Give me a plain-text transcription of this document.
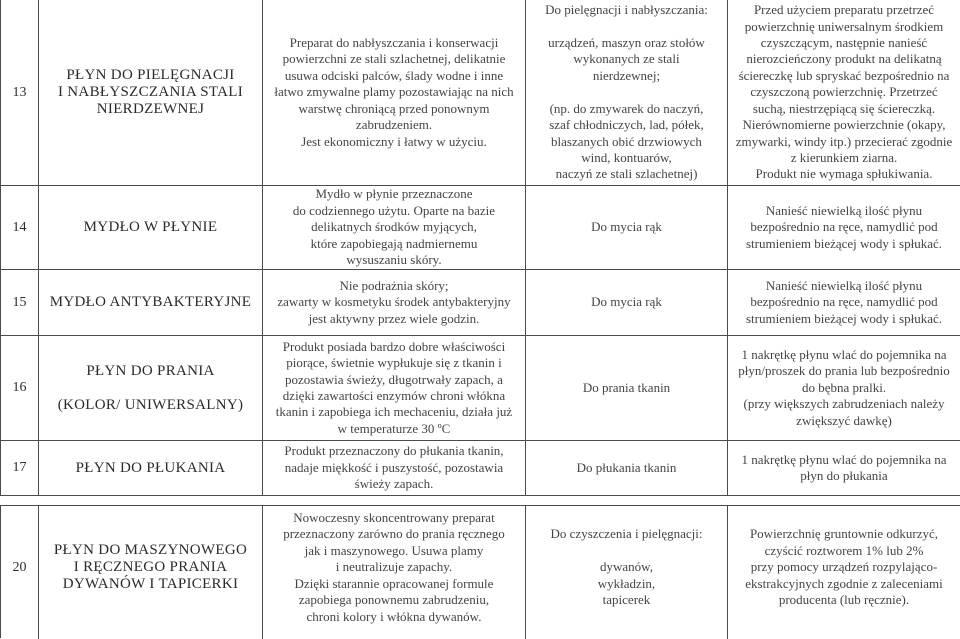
13
PŁYN DO PIELĘGNACJI
I NABŁYSZCZANIA STALI
NIERDZEWNEJ
Preparat do nabłyszczania i konserwacji
powierzchni ze stali szlachetnej, delikatnie
usuwa odciski palców, ślady wodne i inne
łatwo zmywalne plamy pozostawiając na nich
warstwę chroniącą przed ponownym
zabrudzeniem.
Jest ekonomiczny i łatwy w użyciu.
Do pielęgnacji i nabłyszczania:

urządzeń, maszyn oraz stołów
wykonanych ze stali
nierdzewnej;

(np. do zmywarek do naczyń,
szaf chłodniczych, lad, półek,
blaszanych obić drzwiowych
wind, kontuarów,
naczyń ze stali szlachetnej)
Przed użyciem preparatu przetrzeć
powierzchnię uniwersalnym środkiem
czyszczącym, następnie nanieść
nierozcieńczony produkt na delikatną
ściereczkę lub spryskać bezpośrednio na
czyszczoną powierzchnię. Przetrzeć
suchą, niestrzępiącą się ściereczką.
Nierównomierne powierzchnie (okapy,
zmywarki, windy itp.) przecierać zgodnie
z kierunkiem ziarna.
Produkt nie wymaga spłukiwania.
14	MYDŁO W PŁYNIE
Mydło w płynie przeznaczone
do codziennego użytu. Oparte na bazie
delikatnych środków myjących,
które zapobiegają nadmiernemu
wysuszaniu skóry.
Do mycia rąk
Nanieść niewielką ilość płynu
bezpośrednio na ręce, namydlić pod
strumieniem bieżącej wody i spłukać.
15 MYDŁO ANTYBAKTERYJNE
Nie podrażnia skóry;
zawarty w kosmetyku środek antybakteryjny
jest aktywny przez wiele godzin.
Do mycia rąk
Nanieść niewielką ilość płynu
bezpośrednio na ręce, namydlić pod
strumieniem bieżącej wody i spłukać.
16
PŁYN DO PRANIA

(KOLOR/ UNIWERSALNY)
Produkt posiada bardzo dobre właściwości
piorące, świetnie wypłukuje się z tkanin i
pozostawia świeży, długotrwały zapach, a
dzięki zawartości enzymów chroni włókna
tkanin i zapobiega ich mechaceniu, działa już
w temperaturze 30 ºC
Do prania tkanin
1 nakrętkę płynu wlać do pojemnika na
płyn/proszek do prania lub bezpośrednio
do bębna pralki.
(przy większych zabrudzeniach należy
zwiększyć dawkę)
17	PŁYN DO PŁUKANIA
Produkt przeznaczony do płukania tkanin,
nadaje miękkość i puszystość, pozostawia
świeży zapach.
Do płukania tkanin
1 nakrętkę płynu wlać do pojemnika na
płyn do płukania
20
PŁYN DO MASZYNOWEGO
I RĘCZNEGO PRANIA
DYWANÓW I TAPICERKI
Nowoczesny skoncentrowany preparat
przeznaczony zarówno do prania ręcznego
jak i maszynowego. Usuwa plamy
i neutralizuje zapachy.
Dzięki starannie opracowanej formule
zapobiega ponownemu zabrudzeniu,
chroni kolory i włókna dywanów.
Do czyszczenia i pielęgnacji:

dywanów,
wykładzin,
tapicerek
Powierzchnię gruntownie odkurzyć,
czyścić roztworem 1% lub 2%
przy pomocy urządzeń rozpylająco-
ekstrakcyjnych zgodnie z zaleceniami
producenta (lub ręcznie).
